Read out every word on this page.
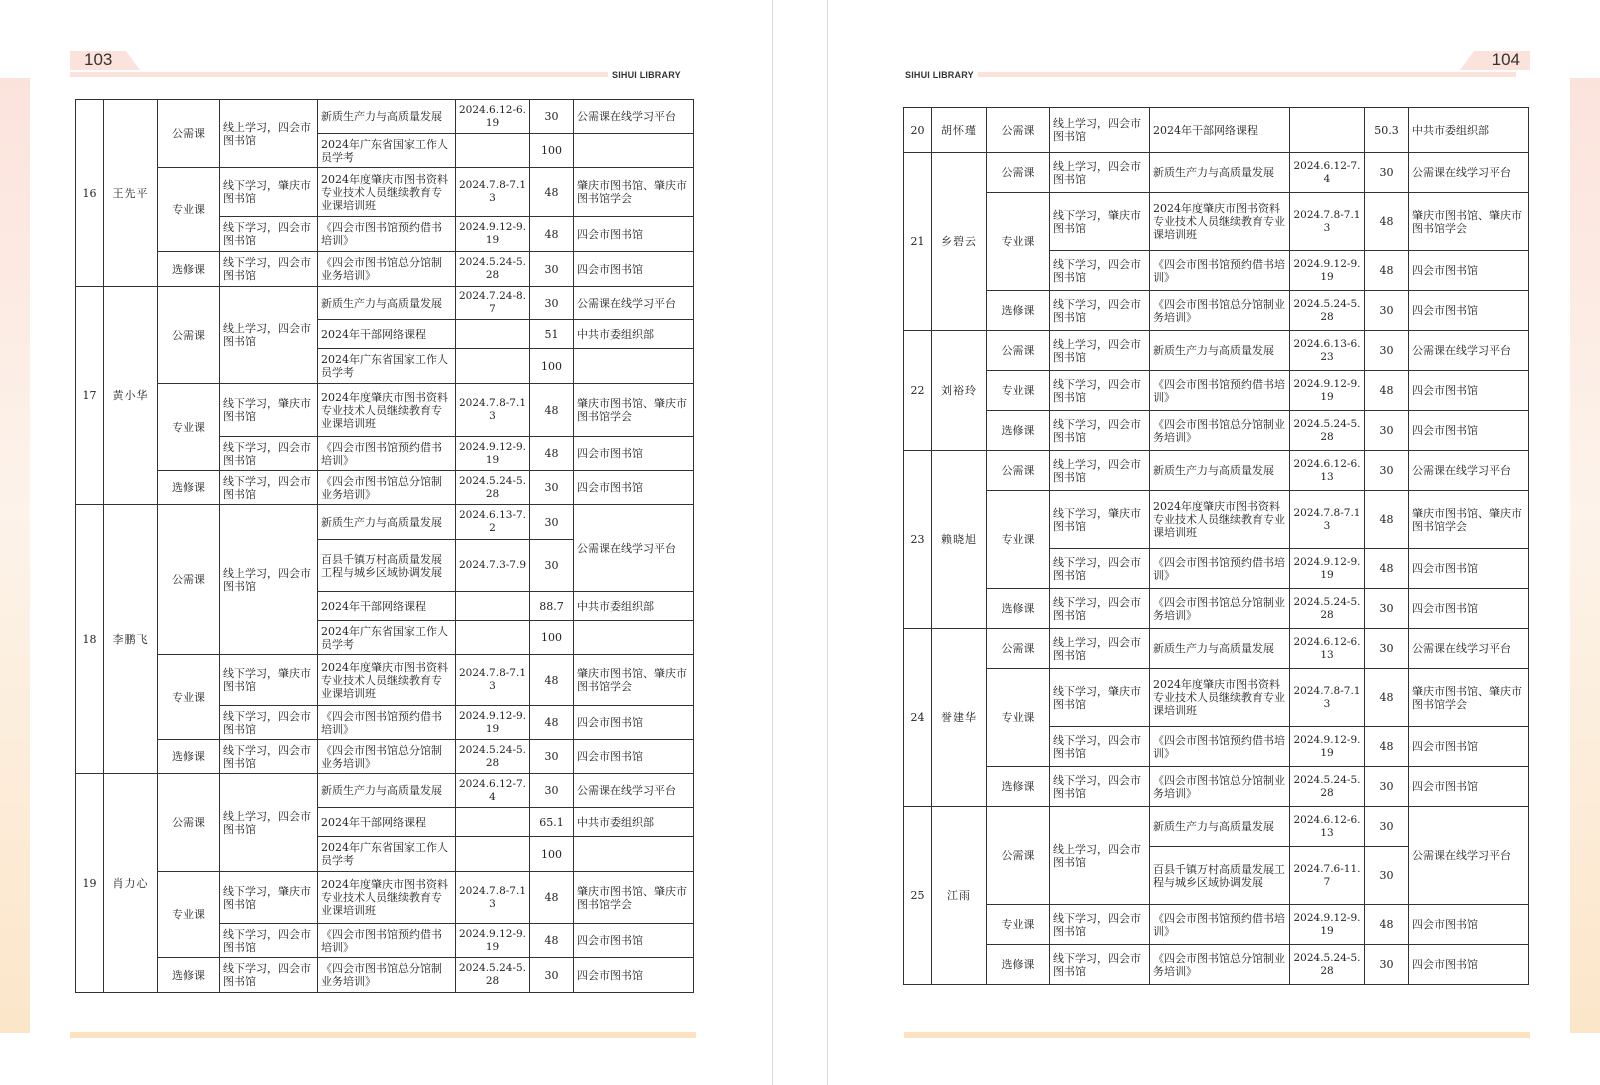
103
SIHUI LIBRARY
16	王先平	公需课	线上学习，四会市图书馆	新质生产力与高质量发展	2024.6.12-6.19	30	公需课在线学习平台
				2024年广东省国家工作人员学考		100	
		专业课	线下学习，肇庆市图书馆	2024年度肇庆市图书资料专业技术人员继续教育专业课培训班	2024.7.8-7.13	48	肇庆市图书馆、肇庆市图书馆学会
			线下学习，四会市图书馆	《四会市图书馆预约借书培训》	2024.9.12-9.19	48	四会市图书馆
		选修课	线下学习，四会市图书馆	《四会市图书馆总分馆制业务培训》	2024.5.24-5.28	30	四会市图书馆
17	黄小华	公需课	线上学习，四会市图书馆	新质生产力与高质量发展	2024.7.24-8.7	30	公需课在线学习平台
				2024年干部网络课程		51	中共市委组织部
				2024年广东省国家工作人员学考		100	
		专业课	线下学习，肇庆市图书馆	2024年度肇庆市图书资料专业技术人员继续教育专业课培训班	2024.7.8-7.13	48	肇庆市图书馆、肇庆市图书馆学会
			线下学习，四会市图书馆	《四会市图书馆预约借书培训》	2024.9.12-9.19	48	四会市图书馆
		选修课	线下学习，四会市图书馆	《四会市图书馆总分馆制业务培训》	2024.5.24-5.28	30	四会市图书馆
18	李鹏飞	公需课	线上学习，四会市图书馆	新质生产力与高质量发展	2024.6.13-7.2	30	公需课在线学习平台
				百县千镇万村高质量发展工程与城乡区域协调发展	2024.7.3-7.9	30	
				2024年干部网络课程		88.7	中共市委组织部
				2024年广东省国家工作人员学考		100	
		专业课	线下学习，肇庆市图书馆	2024年度肇庆市图书资料专业技术人员继续教育专业课培训班	2024.7.8-7.13	48	肇庆市图书馆、肇庆市图书馆学会
			线下学习，四会市图书馆	《四会市图书馆预约借书培训》	2024.9.12-9.19	48	四会市图书馆
		选修课	线下学习，四会市图书馆	《四会市图书馆总分馆制业务培训》	2024.5.24-5.28	30	四会市图书馆
19	肖力心	公需课	线上学习，四会市图书馆	新质生产力与高质量发展	2024.6.12-7.4	30	公需课在线学习平台
				2024年干部网络课程		65.1	中共市委组织部
				2024年广东省国家工作人员学考		100	
		专业课	线下学习，肇庆市图书馆	2024年度肇庆市图书资料专业技术人员继续教育专业课培训班	2024.7.8-7.13	48	肇庆市图书馆、肇庆市图书馆学会
			线下学习，四会市图书馆	《四会市图书馆预约借书培训》	2024.9.12-9.19	48	四会市图书馆
		选修课	线下学习，四会市图书馆	《四会市图书馆总分馆制业务培训》	2024.5.24-5.28	30	四会市图书馆
104
SIHUI LIBRARY
20	胡怀瑾	公需课	线上学习，四会市图书馆	2024年干部网络课程		50.3	中共市委组织部
21	乡碧云	公需课	线上学习，四会市图书馆	新质生产力与高质量发展	2024.6.12-7.4	30	公需课在线学习平台
		专业课	线下学习，肇庆市图书馆	2024年度肇庆市图书资料专业技术人员继续教育专业课培训班	2024.7.8-7.13	48	肇庆市图书馆、肇庆市图书馆学会
			线下学习，四会市图书馆	《四会市图书馆预约借书培训》	2024.9.12-9.19	48	四会市图书馆
		选修课	线下学习，四会市图书馆	《四会市图书馆总分馆制业务培训》	2024.5.24-5.28	30	四会市图书馆
22	刘裕玲	公需课	线上学习，四会市图书馆	新质生产力与高质量发展	2024.6.13-6.23	30	公需课在线学习平台
		专业课	线下学习，四会市图书馆	《四会市图书馆预约借书培训》	2024.9.12-9.19	48	四会市图书馆
		选修课	线下学习，四会市图书馆	《四会市图书馆总分馆制业务培训》	2024.5.24-5.28	30	四会市图书馆
23	赖晓旭	公需课	线上学习，四会市图书馆	新质生产力与高质量发展	2024.6.12-6.13	30	公需课在线学习平台
		专业课	线下学习，肇庆市图书馆	2024年度肇庆市图书资料专业技术人员继续教育专业课培训班	2024.7.8-7.13	48	肇庆市图书馆、肇庆市图书馆学会
			线下学习，四会市图书馆	《四会市图书馆预约借书培训》	2024.9.12-9.19	48	四会市图书馆
		选修课	线下学习，四会市图书馆	《四会市图书馆总分馆制业务培训》	2024.5.24-5.28	30	四会市图书馆
24	誉建华	公需课	线上学习，四会市图书馆	新质生产力与高质量发展	2024.6.12-6.13	30	公需课在线学习平台
		专业课	线下学习，肇庆市图书馆	2024年度肇庆市图书资料专业技术人员继续教育专业课培训班	2024.7.8-7.13	48	肇庆市图书馆、肇庆市图书馆学会
			线下学习，四会市图书馆	《四会市图书馆预约借书培训》	2024.9.12-9.19	48	四会市图书馆
		选修课	线下学习，四会市图书馆	《四会市图书馆总分馆制业务培训》	2024.5.24-5.28	30	四会市图书馆
25	江雨	公需课	线上学习，四会市图书馆	新质生产力与高质量发展	2024.6.12-6.13	30	公需课在线学习平台
				百县千镇万村高质量发展工程与城乡区域协调发展	2024.7.6-11.7	30	
		专业课	线下学习，四会市图书馆	《四会市图书馆预约借书培训》	2024.9.12-9.19	48	四会市图书馆
		选修课	线下学习，四会市图书馆	《四会市图书馆总分馆制业务培训》	2024.5.24-5.28	30	四会市图书馆
